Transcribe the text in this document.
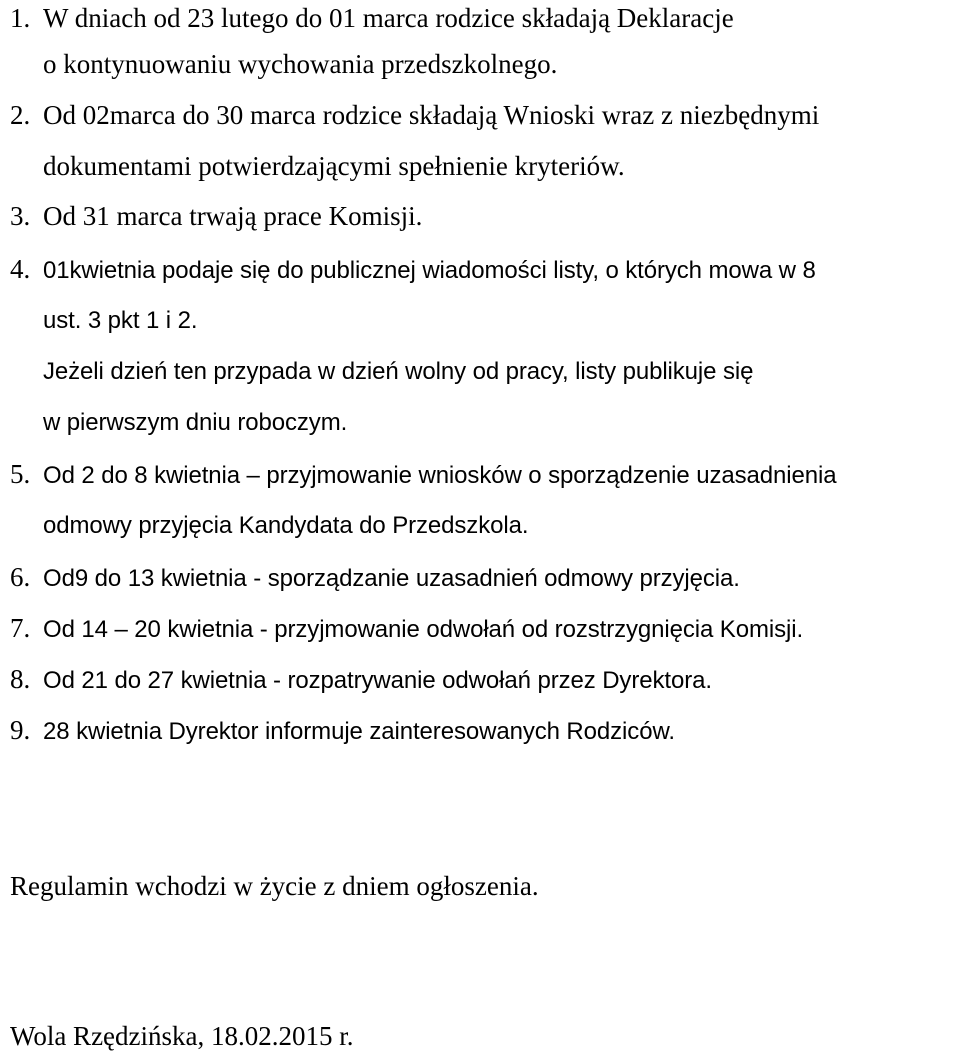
1. W dniach od 23 lutego do 01 marca rodzice składają Deklaracje
o kontynuowaniu wychowania przedszkolnego.
2. Od 02marca do 30 marca rodzice składają Wnioski wraz z niezbędnymi
dokumentami potwierdzającymi spełnienie kryteriów.
3. Od 31 marca trwają prace Komisji.
4. 01kwietnia podaje się do publicznej wiadomości listy, o których mowa w 8
ust. 3 pkt 1 i 2.
Jeżeli dzień ten przypada w dzień wolny od pracy, listy publikuje się
w pierwszym dniu roboczym.
5. Od 2 do 8 kwietnia – przyjmowanie wniosków o sporządzenie uzasadnienia
odmowy przyjęcia Kandydata do Przedszkola.
6. Od9 do 13 kwietnia - sporządzanie uzasadnień odmowy przyjęcia.
7. Od 14 – 20 kwietnia - przyjmowanie odwołań od rozstrzygnięcia Komisji.
8. Od 21 do 27 kwietnia - rozpatrywanie odwołań przez Dyrektora.
9. 28 kwietnia Dyrektor informuje zainteresowanych Rodziców.
Regulamin wchodzi w życie z dniem ogłoszenia.
Wola Rzędzińska, 18.02.2015 r.
